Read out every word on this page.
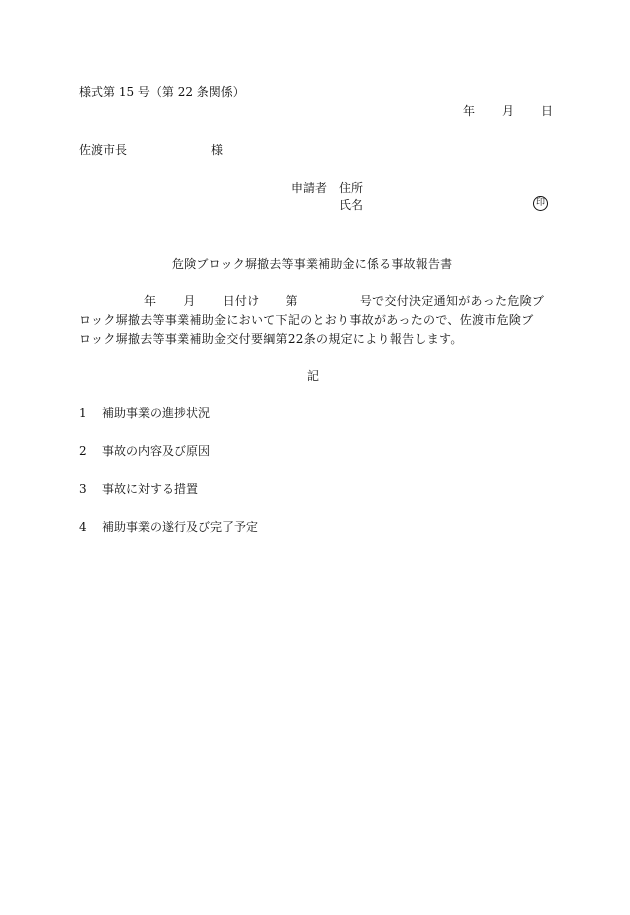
様式第 15 号（第 22 条関係）
年 月 日
佐渡市長	様
申請者 住所
氏名	印
危険ブロック塀撤去等事業補助金に係る事故報告書
年 月 日付け 第	号で交付決定通知があった危険ブ
ロック塀撤去等事業補助金において下記のとおり事故があったので、佐渡市危険ブ
ロック塀撤去等事業補助金交付要綱第22条の規定により報告します。
記
1 補助事業の進捗状況
2 事故の内容及び原因
3 事故に対する措置
4 補助事業の遂行及び完了予定
